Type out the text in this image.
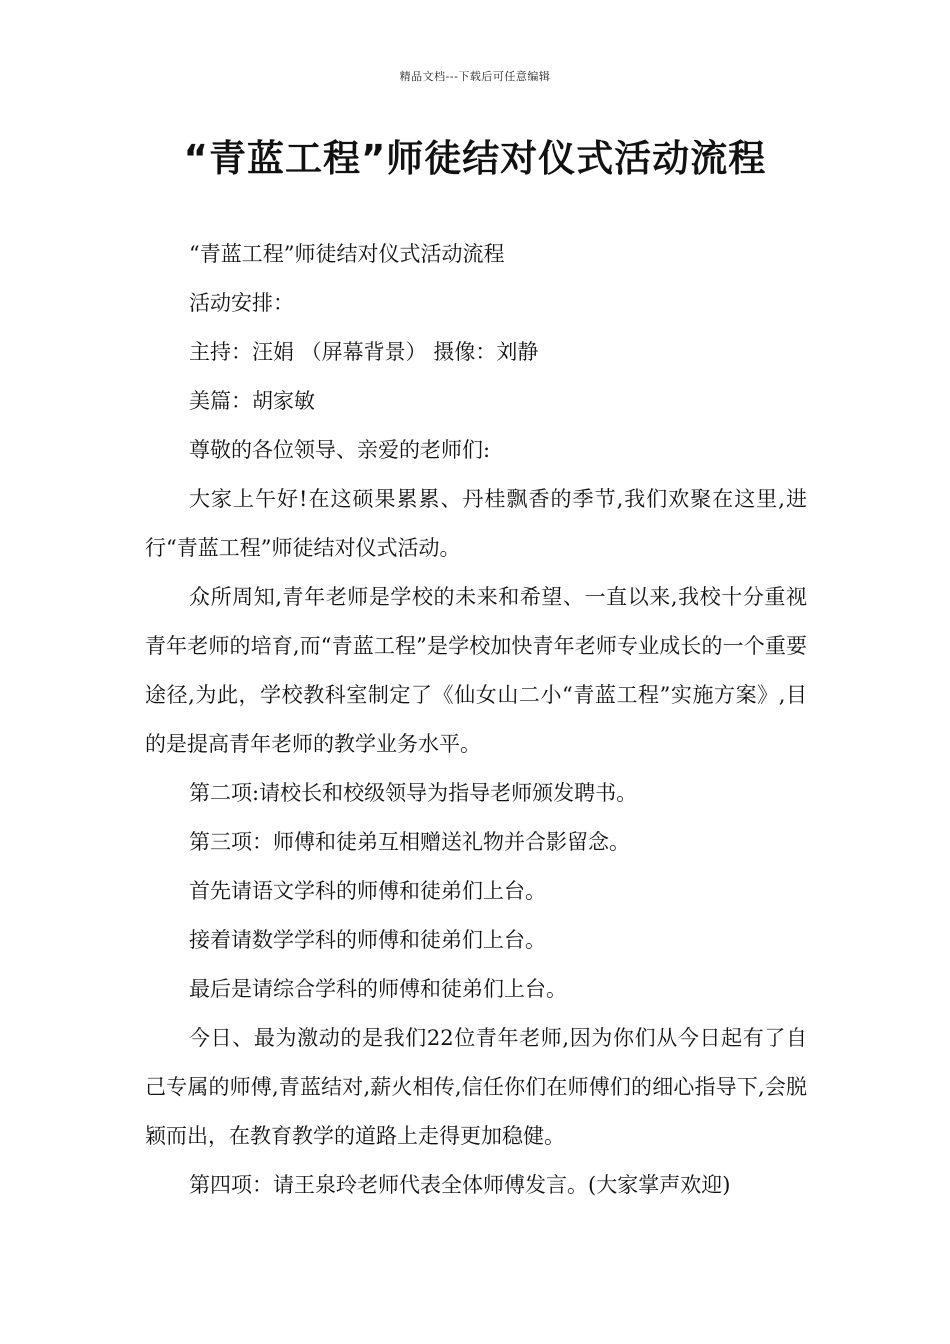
精品文档---下载后可任意编辑
“青蓝工程”师徒结对仪式活动流程

“青蓝工程”师徒结对仪式活动流程

活动安排：

主持：汪娟 （屏幕背景） 摄像：刘静

美篇：胡家敏

尊敬的各位领导、亲爱的老师们:

大家上午好!在这硕果累累、丹桂飘香的季节,我们欢聚在这里,进行“青蓝工程”师徒结对仪式活动。

众所周知,青年老师是学校的未来和希望、一直以来,我校十分重视青年老师的培育,而“青蓝工程”是学校加快青年老师专业成长的一个重要途径,为此，学校教科室制定了《仙女山二小“青蓝工程”实施方案》,目的是提高青年老师的教学业务水平。

第二项:请校长和校级领导为指导老师颁发聘书。

第三项：师傅和徒弟互相赠送礼物并合影留念。

首先请语文学科的师傅和徒弟们上台。

接着请数学学科的师傅和徒弟们上台。

最后是请综合学科的师傅和徒弟们上台。

今日、最为激动的是我们22位青年老师,因为你们从今日起有了自己专属的师傅,青蓝结对,薪火相传,信任你们在师傅们的细心指导下,会脱颖而出，在教育教学的道路上走得更加稳健。

第四项：请王泉玲老师代表全体师傅发言。(大家掌声欢迎)
